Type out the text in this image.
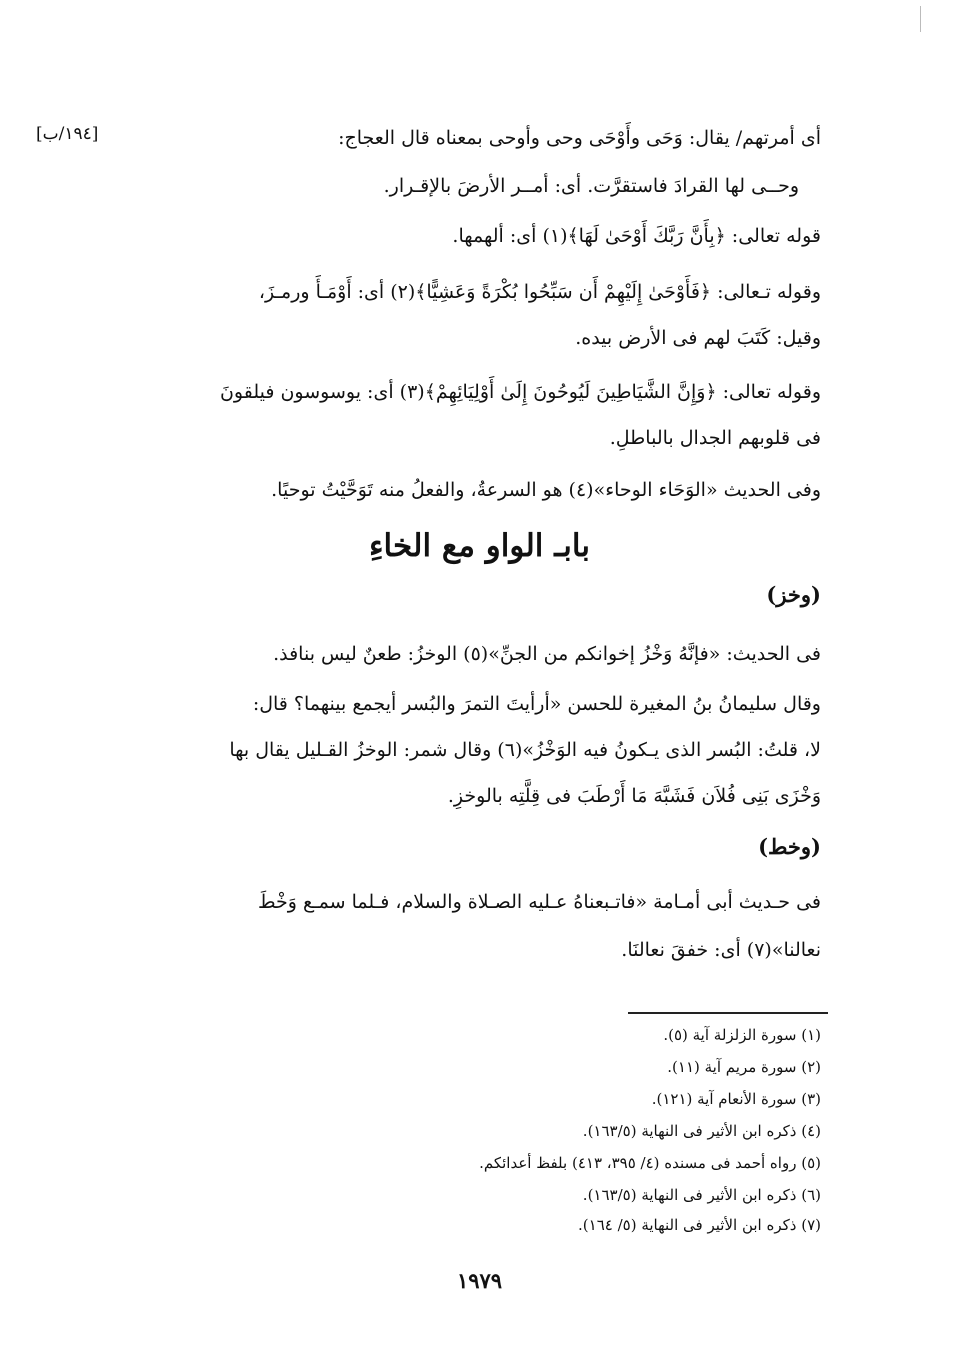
[١٩٤/ب]	أى أمرتهم/ يقال: وَحَى وأَوْحَى وحى وأوحى بمعناه قال العجاج:
وحــى لها القرادَ فاستقرَّت. أى: أمــر الأرضَ بالإقـرار.
قوله تعالى: ﴿بِأَنَّ رَبَّكَ أَوْحَىٰ لَهَا﴾(١) أى: ألهمها.
وقوله تـعالى: ﴿فَأَوْحَىٰ إِلَيْهِمْ أَن سَبِّحُوا بُكْرَةً وَعَشِيًّا﴾(٢) أى: أَوْمَـأَ ورمـزَ،
وقيل: كَتَبَ لهم فى الأرض بيده.
وقوله تعالى: ﴿وَإِنَّ الشَّيَاطِينَ لَيُوحُونَ إِلَىٰ أَوْلِيَائِهِمْ﴾(٣) أى: يوسوسون فيلقونَ
فى قلوبهم الجدال بالباطلِ.
وفى الحديث «الوَحَاء الوحاء»(٤) هو السرعةُ، والفعلُ منه تَوَحَّيْتُ توحيًا.
بابـ الواو مع الخاءِ
(وخز)
فى الحديث: «فإنَّهُ وَخْزُ إخوانكم من الجنِّ»(٥) الوخزُ: طعنٌ ليس بنافذ.
وقال سليمانُ بنُ المغيرة للحسن «أرأيتَ التمرَ والبُسر أيجمع بينهما؟ قال:
لا، قلتُ: البُسر الذى يـكونُ فيه الوَخْزُ»(٦) وقال شمر: الوخزُ القـليل يقال بها
وَخْزَى بَنِى فُلاَن فَشَبَّهَ مَا أَرْطَبَ فى قِلَّتِه بالوخزِ.
(وخط)
فى حـديث أبى أمـامة «فاتـبعناهُ عـليه الصـلاة والسلام، فـلما سمـع وَخْطَ
نعالنا»(٧) أى: خفقَ نعالنَا.
(١) سورة الزلزلة آية (٥).
(٢) سورة مريم آية (١١).
(٣) سورة الأنعام آية (١٢١).
(٤) ذكره ابن الأثير فى النهاية (١٦٣/٥).
(٥) رواه أحمد فى مسنده (٤/ ٣٩٥، ٤١٣) بلفظ أعدائكم.
(٦) ذكره ابن الأثير فى النهاية (١٦٣/٥).
(٧) ذكره ابن الأثير فى النهاية (٥/ ١٦٤).
١٩٧٩
